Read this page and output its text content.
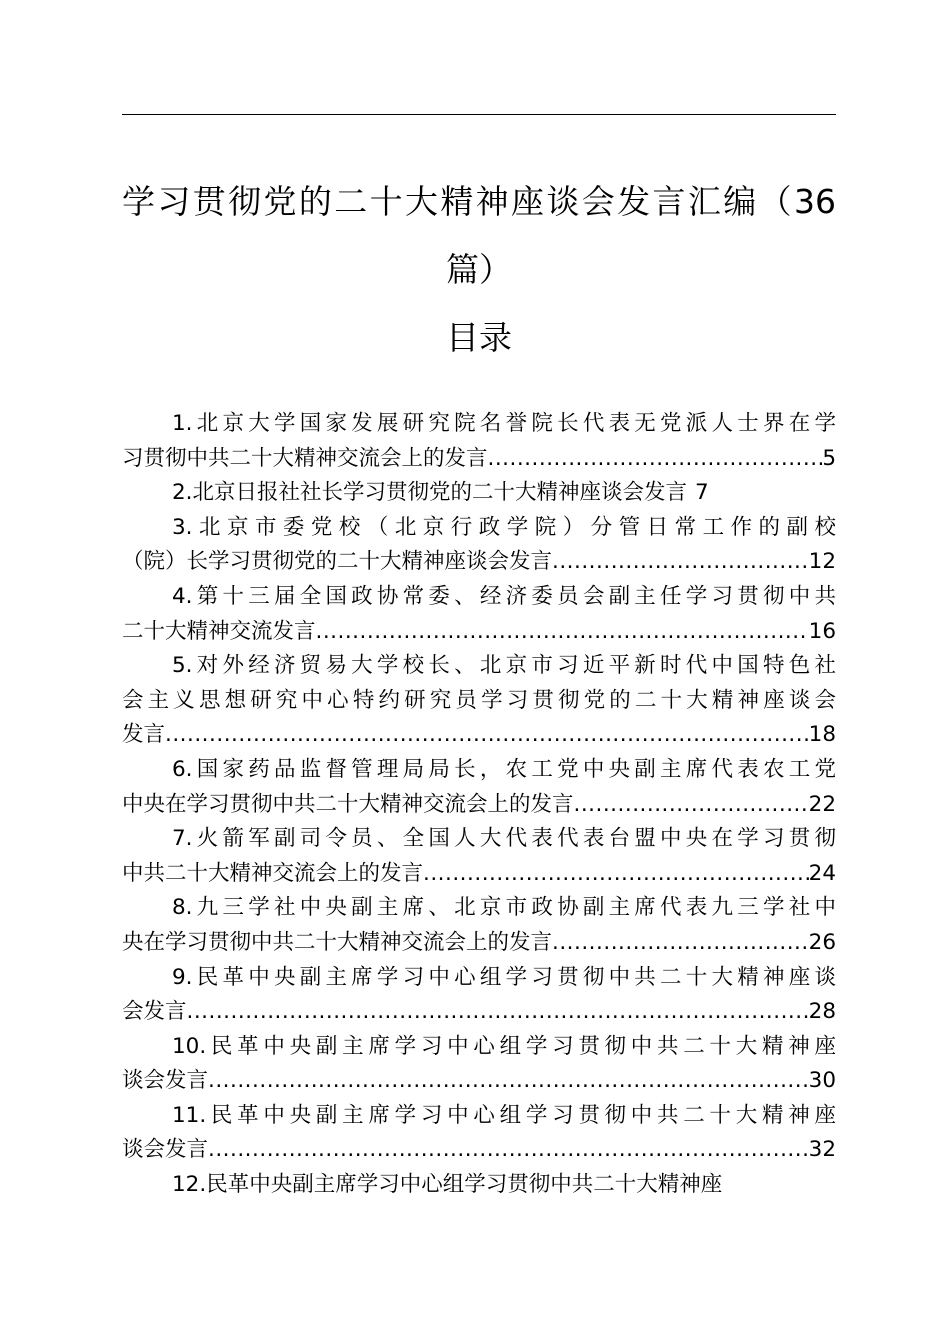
学习贯彻党的二十大精神座谈会发言汇编（36
篇）
目录
1.北京大学国家发展研究院名誉院长代表无党派人士界在学
习贯彻中共二十大精神交流会上的发言 .....	5
2.北京日报社社长学习贯彻党的二十大精神座谈会发言 7
3.北京市委党校（北京行政学院）分管日常工作的副校
（院）长学习贯彻党的二十大精神座谈会发言 .....	12
4.第十三届全国政协常委、经济委员会副主任学习贯彻中共
二十大精神交流发言 .....	16
5.对外经济贸易大学校长、北京市习近平新时代中国特色社
会主义思想研究中心特约研究员学习贯彻党的二十大精神座谈会
发言 .....	18
6.国家药品监督管理局局长，农工党中央副主席代表农工党
中央在学习贯彻中共二十大精神交流会上的发言 .....	22
7.火箭军副司令员、全国人大代表代表台盟中央在学习贯彻
中共二十大精神交流会上的发言 .....	24
8.九三学社中央副主席、北京市政协副主席代表九三学社中
央在学习贯彻中共二十大精神交流会上的发言 .....	26
9.民革中央副主席学习中心组学习贯彻中共二十大精神座谈
会发言 .....	28
10.民革中央副主席学习中心组学习贯彻中共二十大精神座
谈会发言 .....	30
11.民革中央副主席学习中心组学习贯彻中共二十大精神座
谈会发言 .....	32
12.民革中央副主席学习中心组学习贯彻中共二十大精神座
